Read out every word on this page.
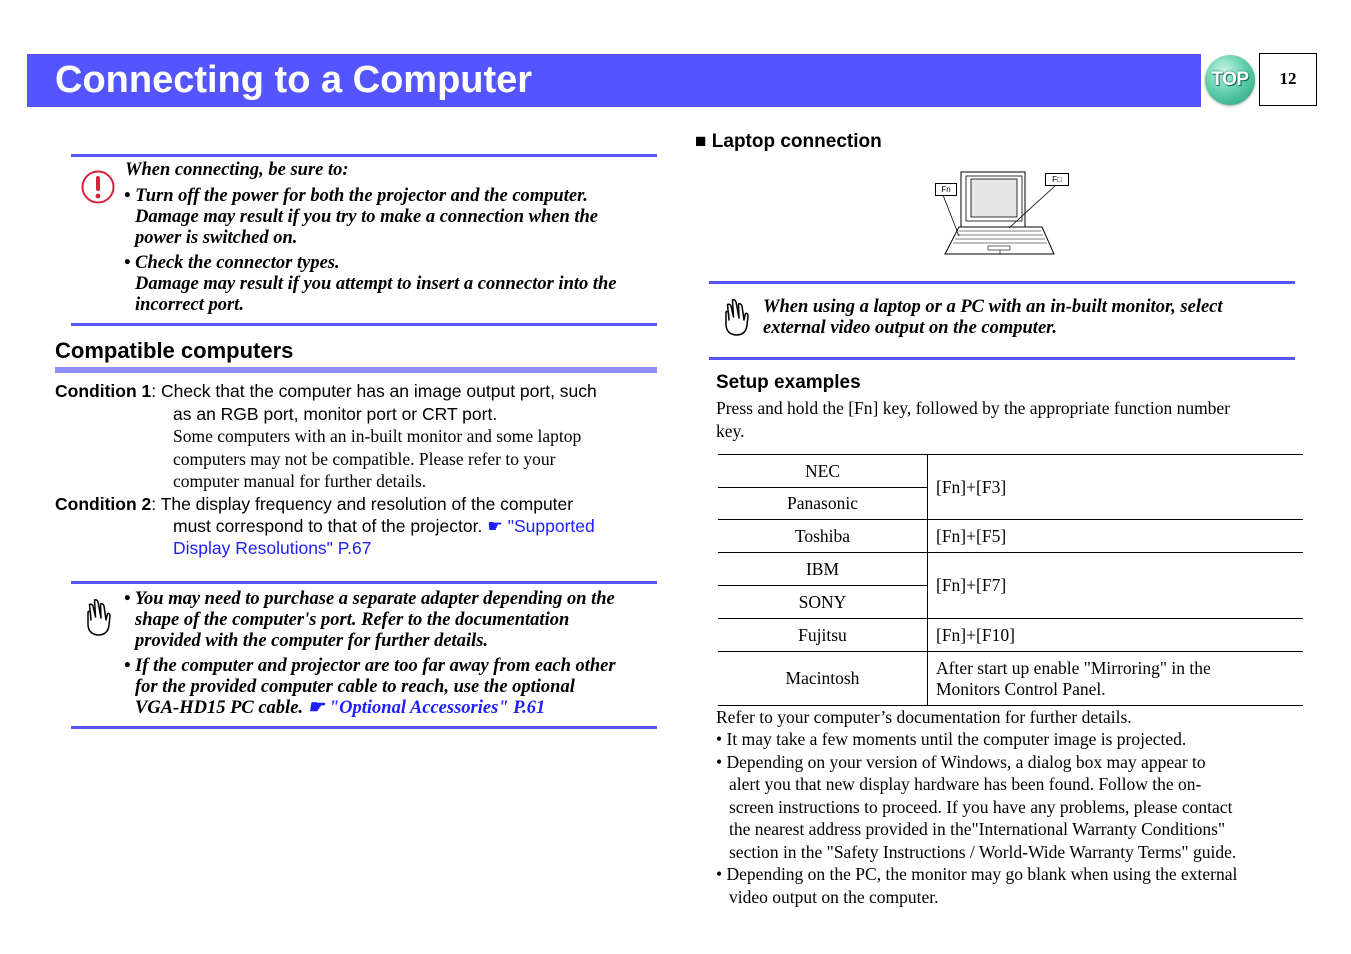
Connecting to a Computer	TOP	12
When connecting, be sure to:
• Turn off the power for both the projector and the computer.
Damage may result if you try to make a connection when the
power is switched on.
• Check the connector types.
Damage may result if you attempt to insert a connector into the
incorrect port.
Compatible computers
Condition 1: Check that the computer has an image output port, such
as an RGB port, monitor port or CRT port.
Some computers with an in-built monitor and some laptop
computers may not be compatible. Please refer to your
computer manual for further details.
Condition 2: The display frequency and resolution of the computer
must correspond to that of the projector. ☛ "Supported
Display Resolutions" P.67
• You may need to purchase a separate adapter depending on the
shape of the computer's port. Refer to the documentation
provided with the computer for further details.
• If the computer and projector are too far away from each other
for the provided computer cable to reach, use the optional
VGA-HD15 PC cable. ☛ "Optional Accessories" P.61
■ Laptop connection
Fn
F□
When using a laptop or a PC with an in-built monitor, select
external video output on the computer.
Setup examples
Press and hold the [Fn] key, followed by the appropriate function number
key.
NEC	[Fn]+[F3]
Panasonic	
Toshiba	[Fn]+[F5]
IBM	[Fn]+[F7]
SONY	
Fujitsu	[Fn]+[F10]
Macintosh	After start up enable "Mirroring" in the
Monitors Control Panel.
Refer to your computer’s documentation for further details.
• It may take a few moments until the computer image is projected.
• Depending on your version of Windows, a dialog box may appear to
alert you that new display hardware has been found. Follow the on-
screen instructions to proceed. If you have any problems, please contact
the nearest address provided in the"International Warranty Conditions"
section in the "Safety Instructions / World-Wide Warranty Terms" guide.
• Depending on the PC, the monitor may go blank when using the external
video output on the computer.
